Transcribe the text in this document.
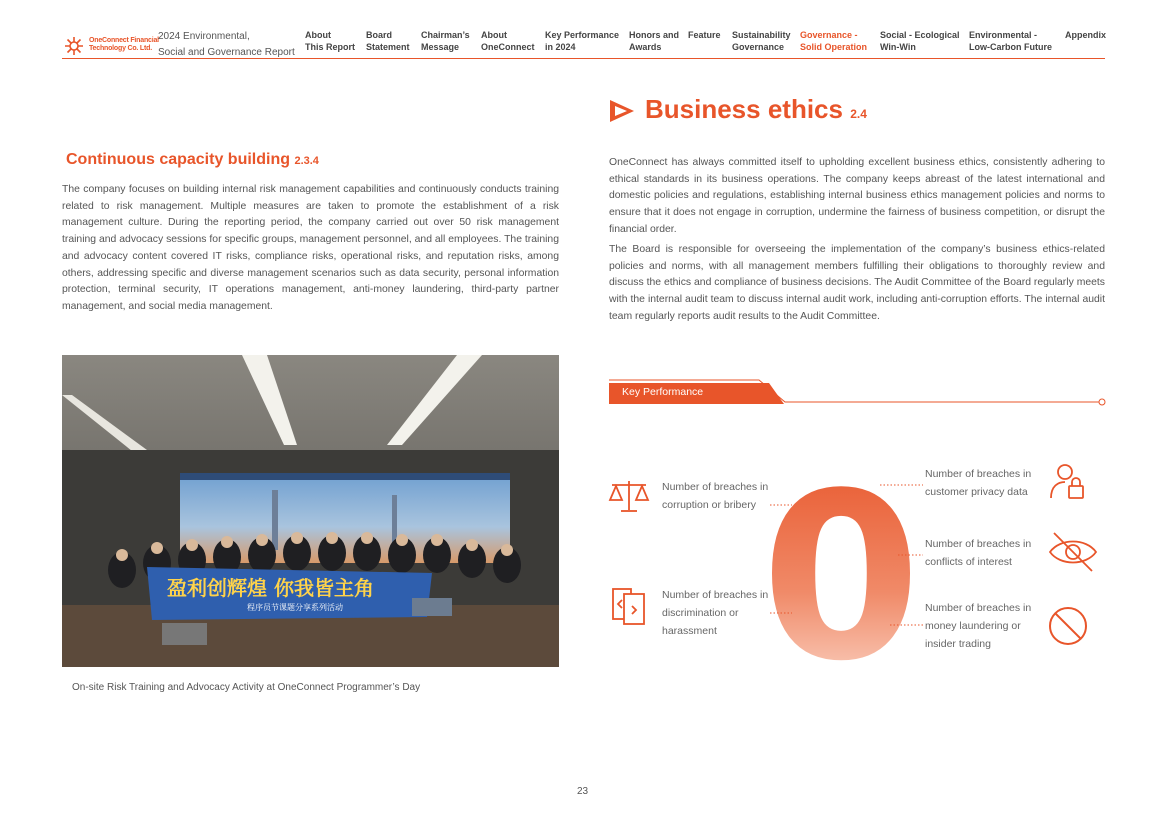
OneConnect Financial
Technology Co. Ltd.
2024 Environmental,
Social and Governance Report
About
This Report
Board
Statement
Chairman’s
Message
About
OneConnect
Key Performance
in 2024
Honors and
Awards
Feature Sustainability
Governance
Governance -
Solid Operation
Social - Ecological
Win-Win
Environmental -
Low-Carbon Future
Appendix
Continuous capacity building 2.3.4
The company focuses on building internal risk management capabilities and continuously conducts training related to risk management. Multiple measures are taken to promote the establishment of a risk management culture. During the reporting period, the company carried out over 50 risk management training and advocacy sessions for specific groups, management personnel, and all employees. The training and advocacy content covered IT risks, compliance risks, operational risks, and reputation risks, among others, addressing specific and diverse management scenarios such as data security, personal information protection, terminal security, IT operations management, anti-money laundering, third-party partner management, and social media management.
盈利创辉煌 你我皆主角
程序员节课题分享系列活动
On-site Risk Training and Advocacy Activity at OneConnect Programmer’s Day
Business ethics 2.4
OneConnect has always committed itself to upholding excellent business ethics, consistently adhering to ethical standards in its business operations. The company keeps abreast of the latest international and domestic policies and regulations, establishing internal business ethics management policies and norms to ensure that it does not engage in corruption, undermine the fairness of business competition, or disrupt the financial order.
The Board is responsible for overseeing the implementation of the company’s business ethics-related policies and norms, with all management members fulfilling their obligations to thoroughly review and discuss the ethics and compliance of business decisions. The Audit Committee of the Board regularly meets with the internal audit team to discuss internal audit work, including anti-corruption efforts. The internal audit team regularly reports audit results to the Audit Committee.
Key Performance
0
Number of breaches in corruption or bribery
Number of breaches in discrimination or harassment
Number of breaches in customer privacy data
Number of breaches in conflicts of interest
Number of breaches in money laundering or insider trading
23
